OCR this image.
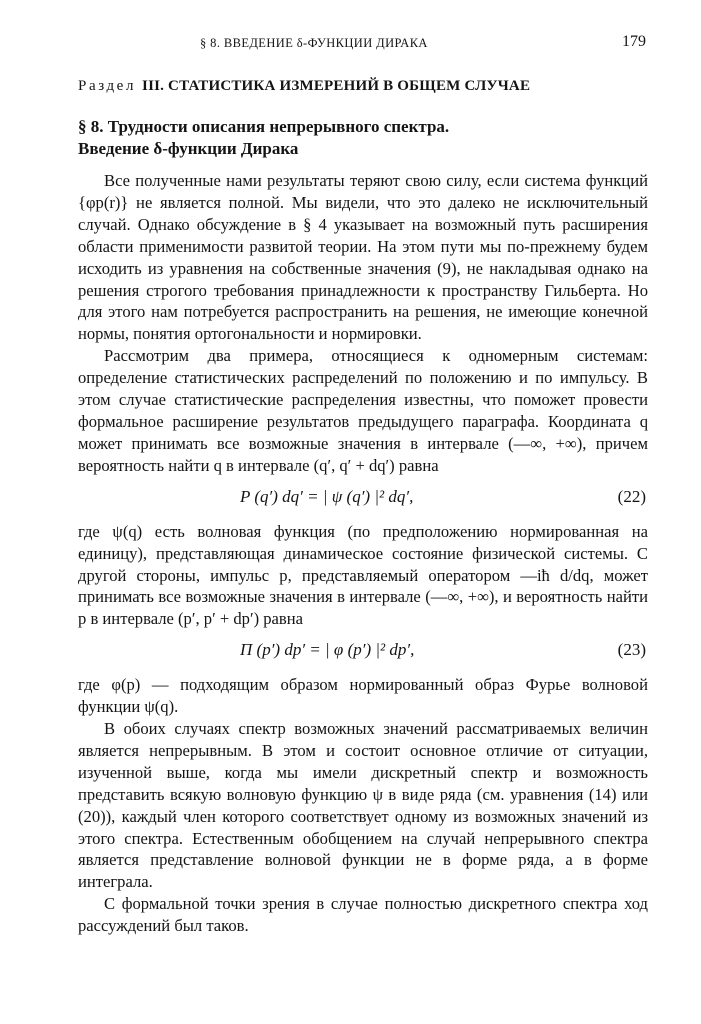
§ 8. ВВЕДЕНИЕ δ-ФУНКЦИИ ДИРАКА	179
Раздел III. СТАТИСТИКА ИЗМЕРЕНИЙ В ОБЩЕМ СЛУЧАЕ
§ 8. Трудности описания непрерывного спектра.
Введение δ-функции Дирака

Все полученные нами результаты теряют свою силу, если система функций {φp(r)} не является полной. Мы видели, что это далеко не исключительный случай. Однако обсуждение в § 4 указывает на возможный путь расширения области применимости развитой теории. На этом пути мы по-прежнему будем исходить из уравнения на собственные значения (9), не накладывая однако на решения строгого требования принадлежности к пространству Гильберта. Но для этого нам потребуется распространить на решения, не имеющие конечной нормы, понятия ортогональности и нормировки.

Рассмотрим два примера, относящиеся к одномерным системам: определение статистических распределений по положению и по импульсу. В этом случае статистические распределения известны, что поможет провести формальное расширение результатов предыдущего параграфа. Координата q может принимать все возможные значения в интервале (—∞, +∞), причем вероятность найти q в интервале (q′, q′ + dq′) равна

P (q′) dq′ = | ψ (q′) |² dq′,	(22)

где ψ(q) есть волновая функция (по предположению нормированная на единицу), представляющая динамическое состояние физической системы. С другой стороны, импульс p, представляемый оператором —iħ d/dq, может принимать все возможные значения в интервале (—∞, +∞), и вероятность найти p в интервале (p′, p′ + dp′) равна

Π (p′) dp′ = | φ (p′) |² dp′,	(23)

где φ(p) — подходящим образом нормированный образ Фурье волновой функции ψ(q).

В обоих случаях спектр возможных значений рассматриваемых величин является непрерывным. В этом и состоит основное отличие от ситуации, изученной выше, когда мы имели дискретный спектр и возможность представить всякую волновую функцию ψ в виде ряда (см. уравнения (14) или (20)), каждый член которого соответствует одному из возможных значений из этого спектра. Естественным обобщением на случай непрерывного спектра является представление волновой функции не в форме ряда, а в форме интеграла.

С формальной точки зрения в случае полностью дискретного спектра ход рассуждений был таков.
